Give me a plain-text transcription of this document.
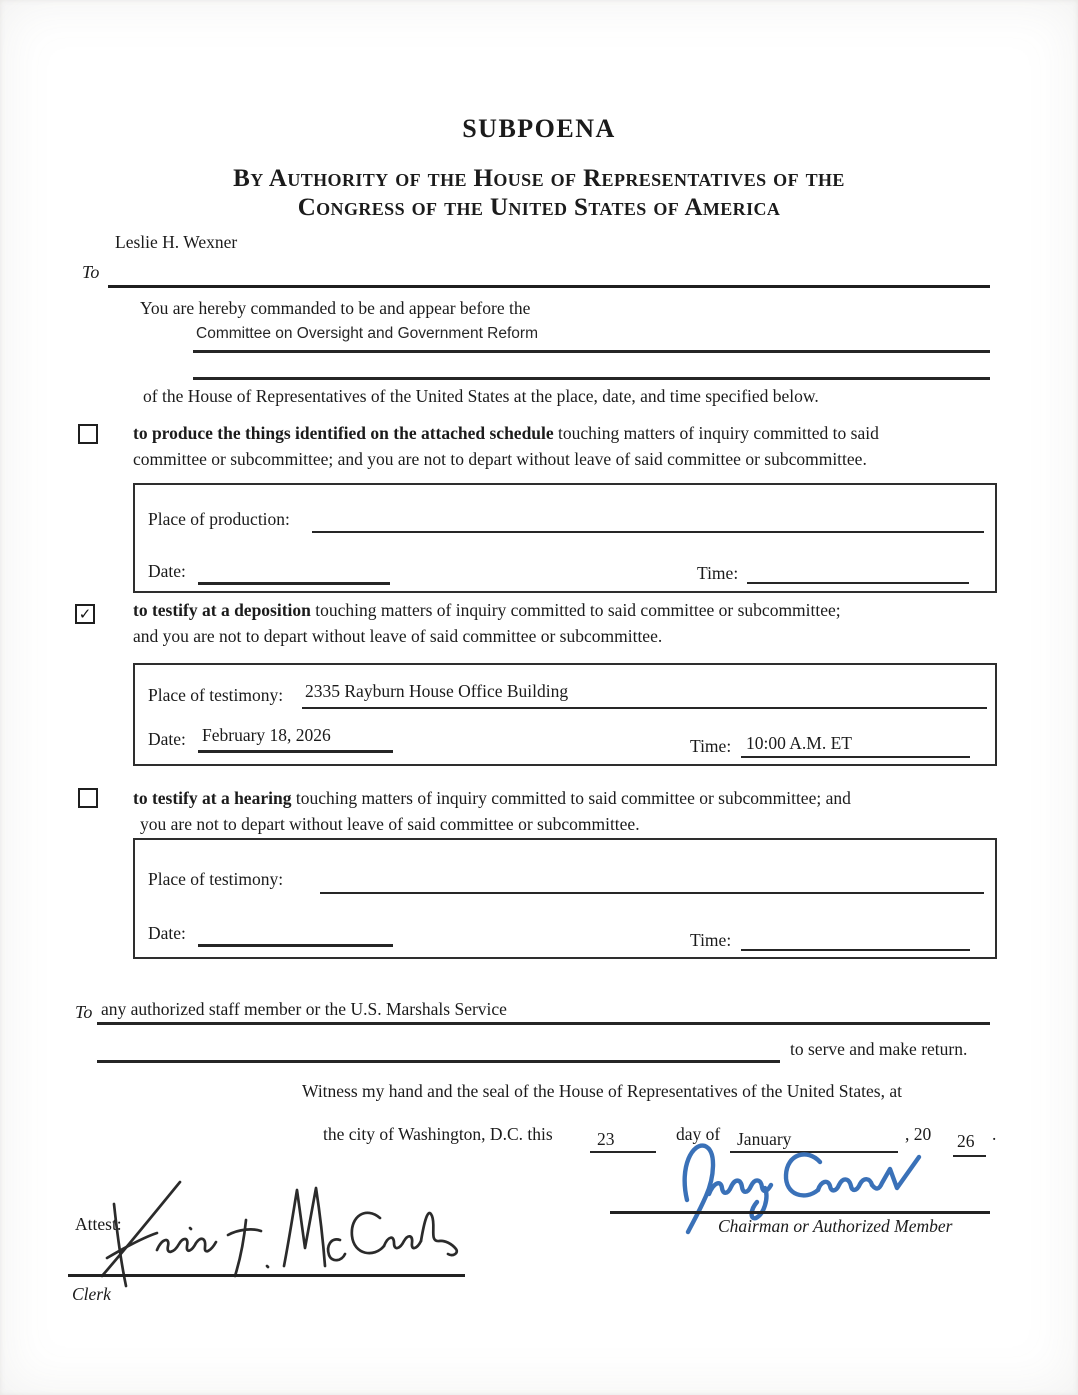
SUBPOENA
By Authority of the House of Representatives of the
Congress of the United States of America
Leslie H. Wexner
To
You are hereby commanded to be and appear before the
Committee on Oversight and Government Reform
of the House of Representatives of the United States at the place, date, and time specified below.

to produce the things identified on the attached schedule touching matters of inquiry committed to said
committee or subcommittee; and you are not to depart without leave of said committee or subcommittee.

Place of production:
Date:	Time:
✓ to testify at a deposition touching matters of inquiry committed to said committee or subcommittee;
and you are not to depart without leave of said committee or subcommittee.

Place of testimony: 2335 Rayburn House Office Building
Date: February 18, 2026
Time: 10:00 A.M. ET

to testify at a hearing touching matters of inquiry committed to said committee or subcommittee; and
you are not to depart without leave of said committee or subcommittee.

Place of testimony:
Date:	Time:
To any authorized staff member or the U.S. Marshals Service
to serve and make return.
Witness my hand and the seal of the House of Representatives of the United States, at
the city of Washington, D.C. this	23	day of January	, 20 26 .
Chairman or Authorized Member
Attest:
Clerk
